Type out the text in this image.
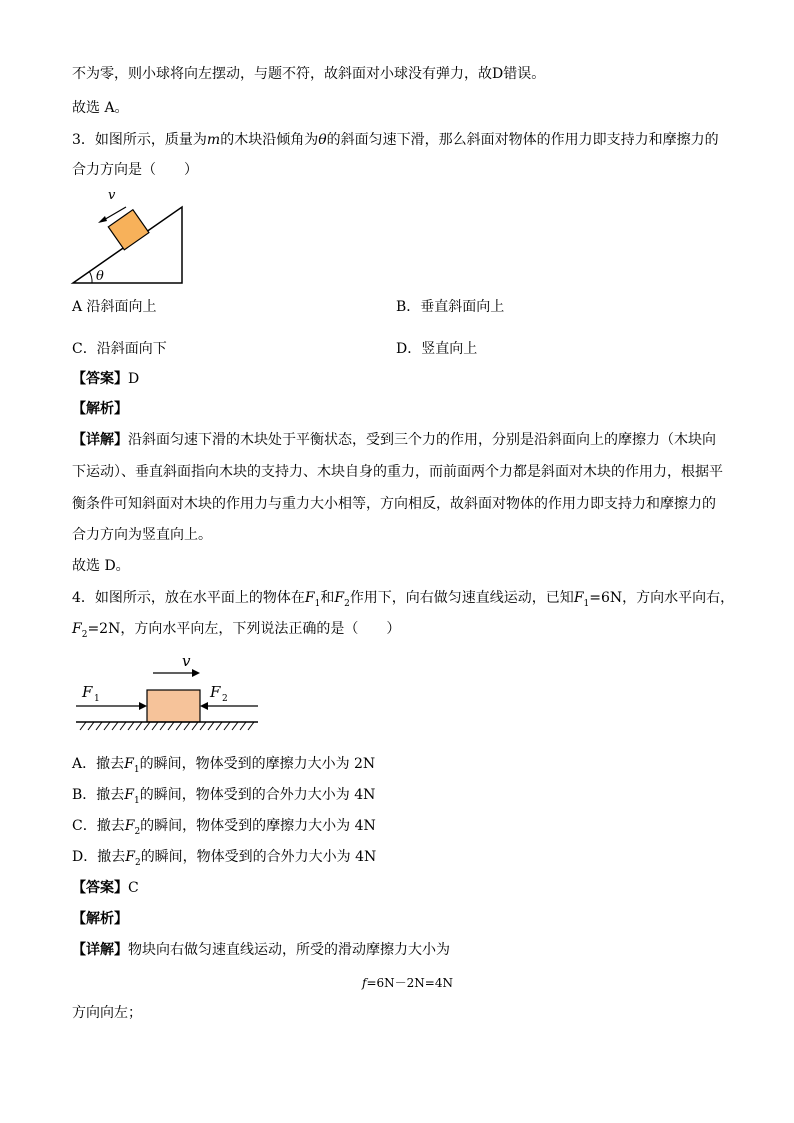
不为零，则小球将向左摆动，与题不符，故斜面对小球没有弹力，故D错误。
故选 A。
3．如图所示，质量为m的木块沿倾角为θ的斜面匀速下滑，那么斜面对物体的作用力即支持力和摩擦力的
合力方向是（　　）
v
θ
A 沿斜面向上	B．垂直斜面向上
C．沿斜面向下	D．竖直向上
【答案】D
【解析】
【详解】沿斜面匀速下滑的木块处于平衡状态，受到三个力的作用，分别是沿斜面向上的摩擦力（木块向
下运动）、垂直斜面指向木块的支持力、木块自身的重力，而前面两个力都是斜面对木块的作用力，根据平
衡条件可知斜面对木块的作用力与重力大小相等，方向相反，故斜面对物体的作用力即支持力和摩擦力的
合力方向为竖直向上。
故选 D。
4．如图所示，放在水平面上的物体在$F_1$和$F_2$作用下，向右做匀速直线运动，已知$F_1=6N$，方向水平向右，
$F_2=2N$，方向水平向左，下列说法正确的是（　　）
v
F 1	F 2
A．撤去$F_1$的瞬间，物体受到的摩擦力大小为 2N
B．撤去$F_1$的瞬间，物体受到的合外力大小为 4N
C．撤去$F_2$的瞬间，物体受到的摩擦力大小为 4N
D．撤去$F_2$的瞬间，物体受到的合外力大小为 4N
【答案】C
【解析】
【详解】物块向右做匀速直线运动，所受的滑动摩擦力大小为
f=6N－2N=4N
方向向左；
